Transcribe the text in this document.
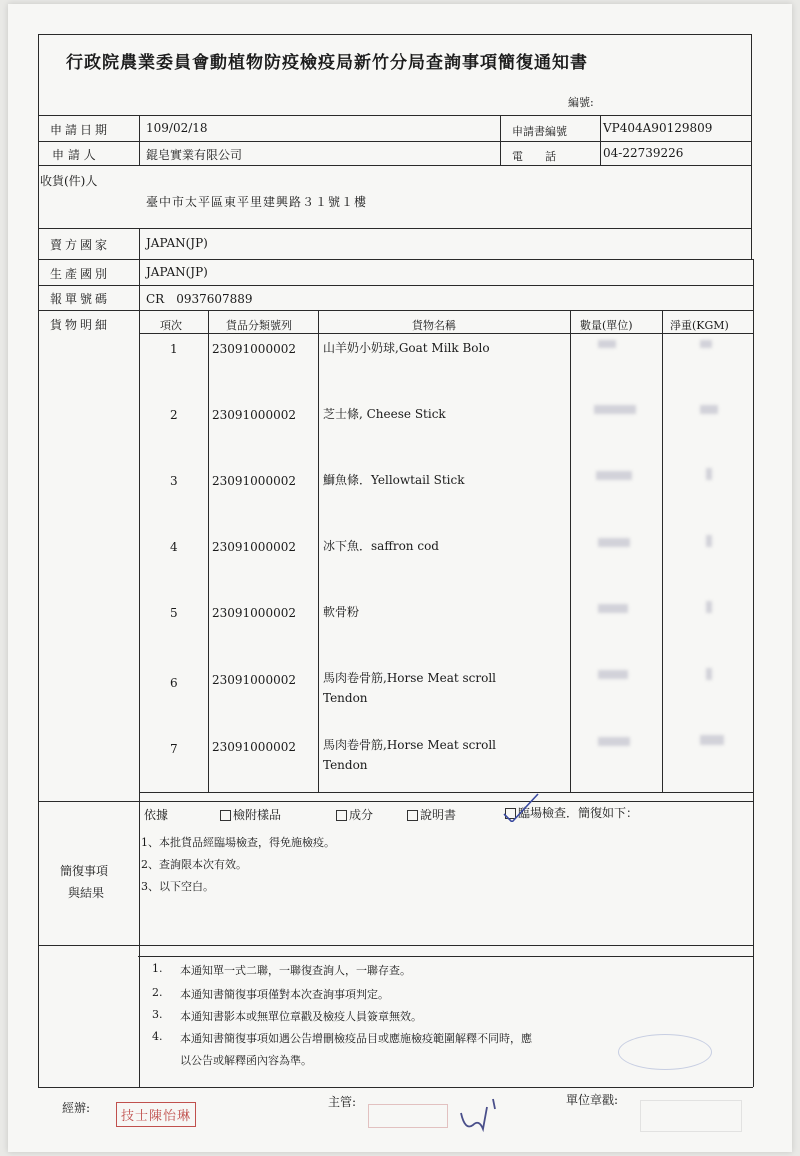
行政院農業委員會動植物防疫檢疫局新竹分局查詢事項簡復通知書
編號:
申請日期	109/02/18	申請書編號	VP404A90129809
申 請 人	錕皂實業有限公司	電　　話	04-22739226
收貨(件)人
臺中市太平區東平里建興路３１號１樓
賣方國家	JAPAN(JP)
生產國別	JAPAN(JP)
報單號碼	CR　0937607889
貨物明細	項次	貨品分類號列	貨物名稱	數量(單位)	淨重(KGM)
1	23091000002 山羊奶小奶球,Goat Milk Bolo
2	23091000002 芝士條, Cheese Stick
3	23091000002 鰤魚條．Yellowtail Stick
4	23091000002 冰下魚．saffron cod
5	23091000002 軟骨粉
6	23091000002 馬肉卷骨筋,Horse Meat scroll
Tendon
7	23091000002 馬肉卷骨筋,Horse Meat scroll
Tendon
依據	檢附樣品	成分	說明書	臨場檢查．簡復如下：
簡復事項
與結果
1、本批貨品經臨場檢查，得免施檢疫。
2、查詢限本次有效。
3、以下空白。
1. 本通知單一式二聯，一聯復查詢人，一聯存查。
2. 本通知書簡復事項僅對本次查詢事項判定。
3. 本通知書影本或無單位章戳及檢疫人員簽章無效。
4. 本通知書簡復事項如遇公告增刪檢疫品目或應施檢疫範圍解釋不同時，應
以公告或解釋函內容為準。
經辦:
技士陳怡琳
主管:	單位章戳:
